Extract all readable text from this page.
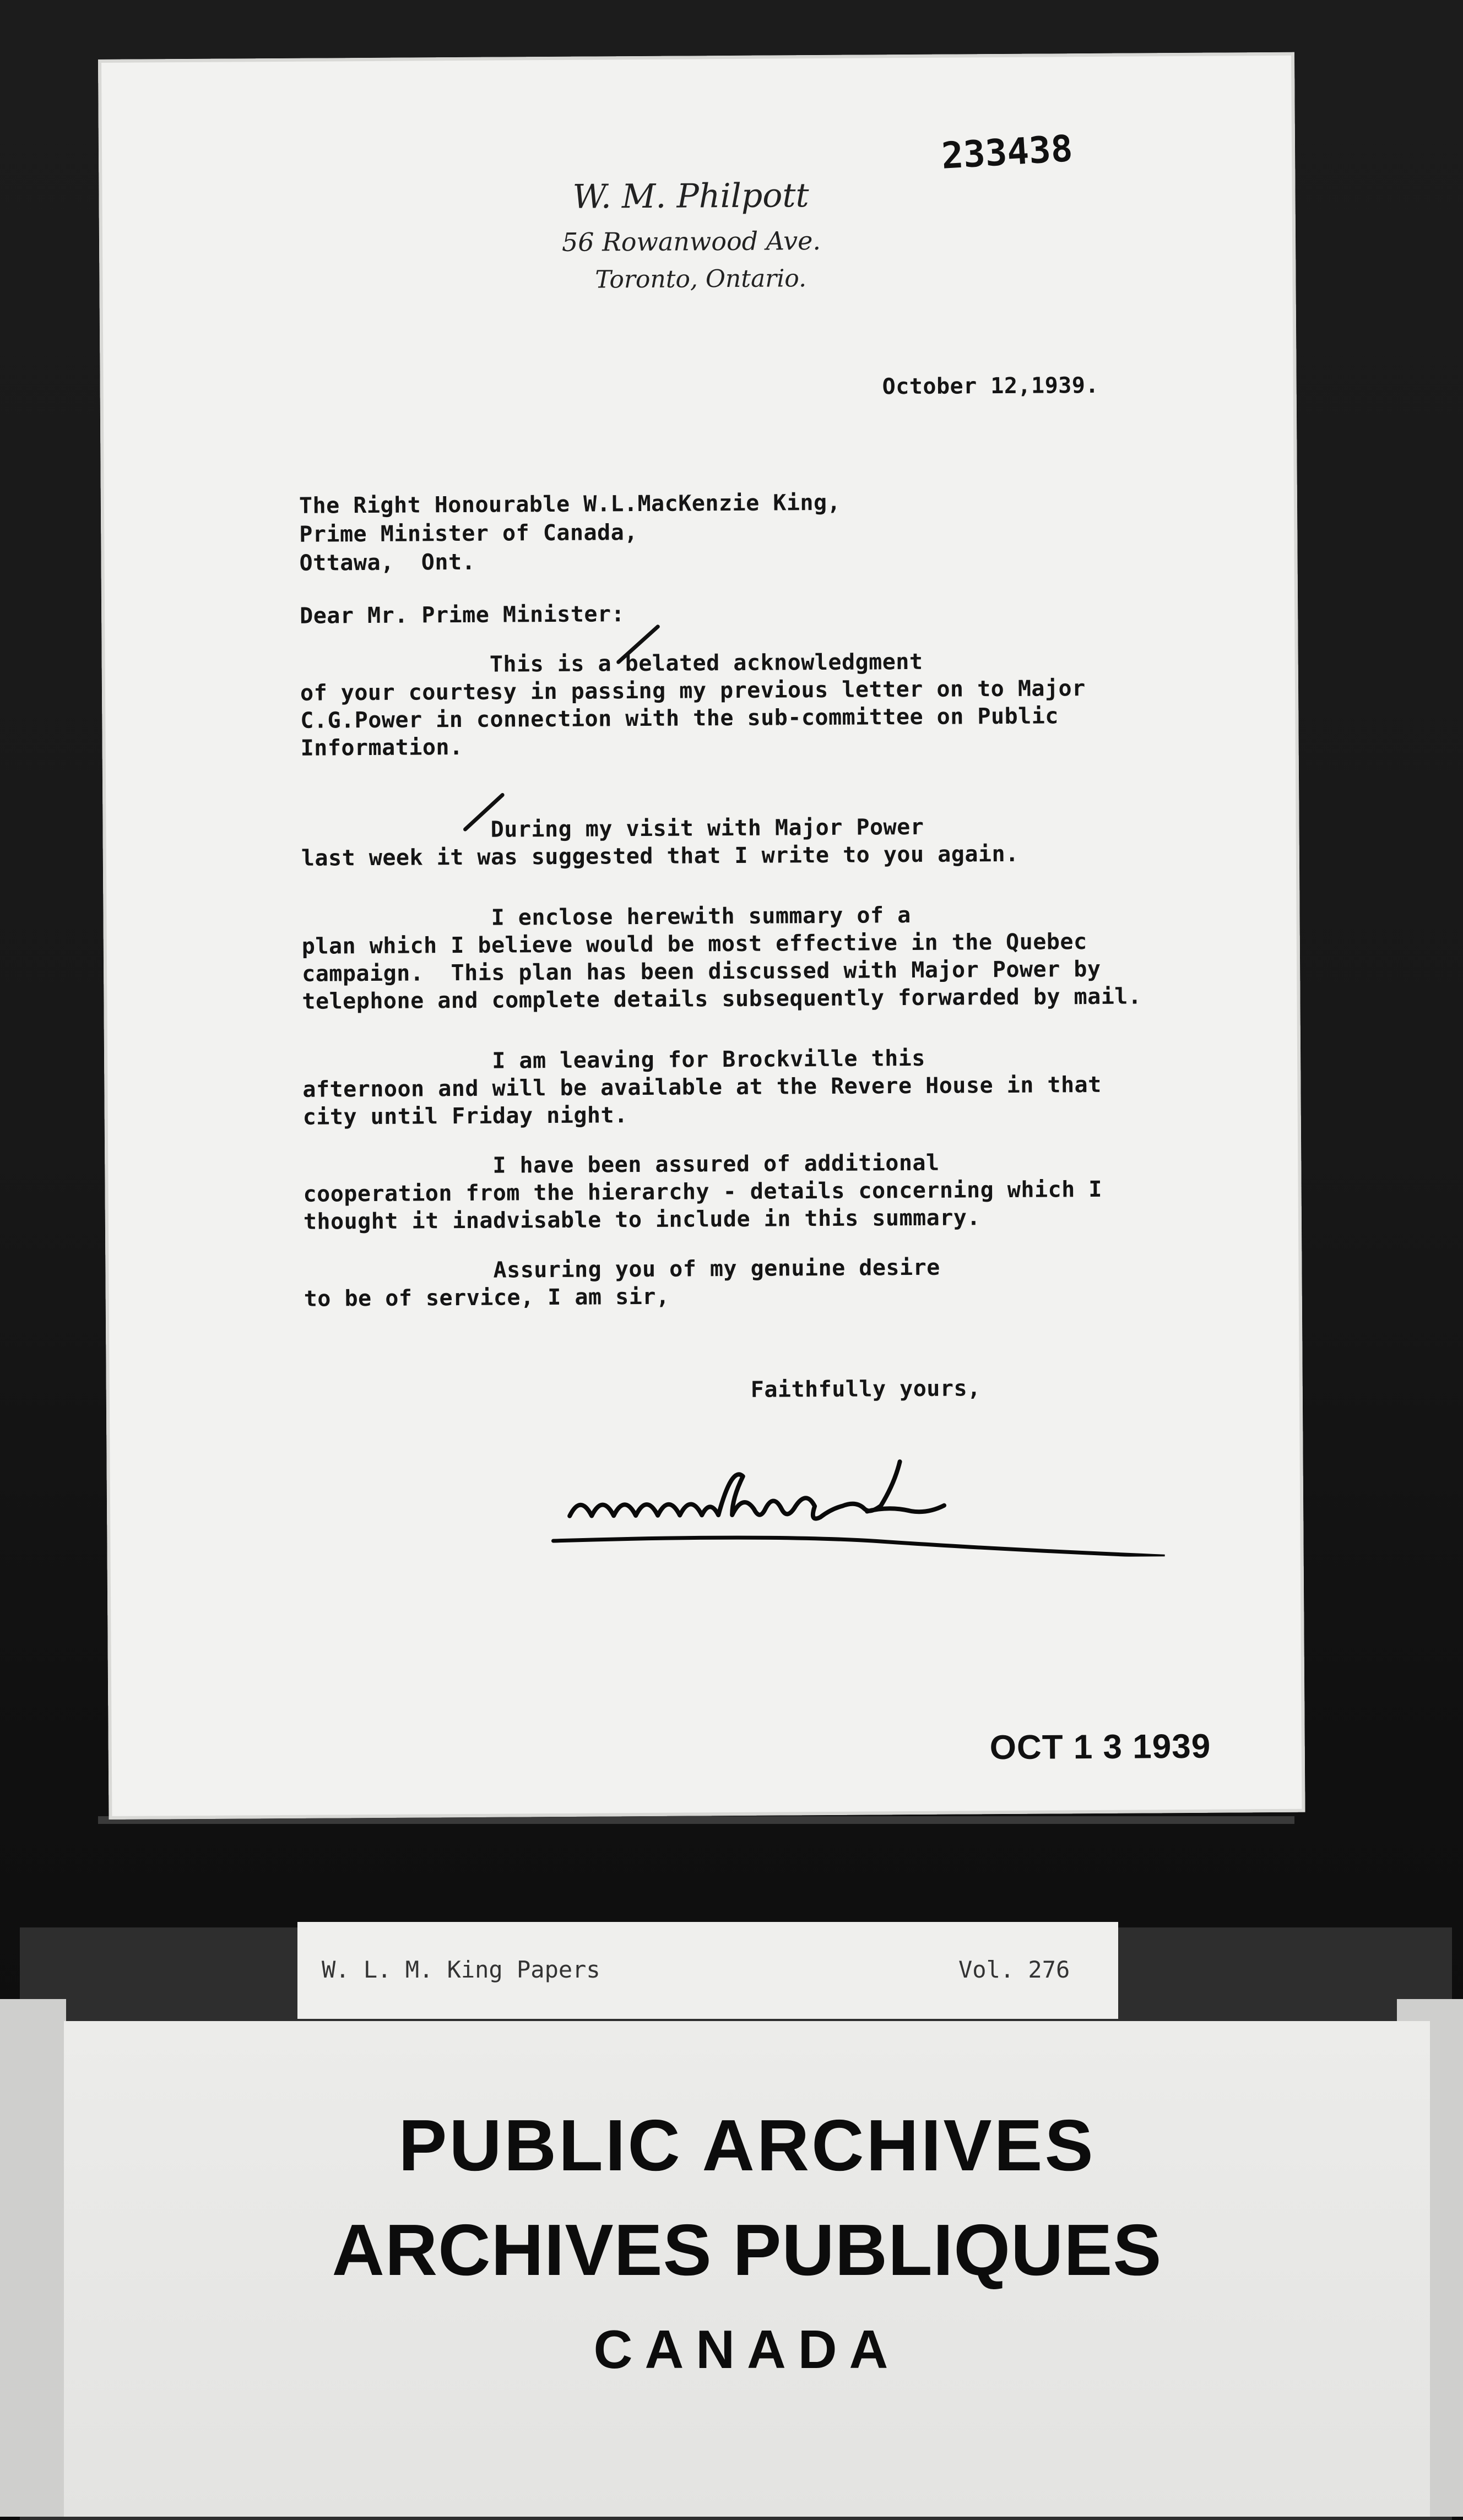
233438
W. M. Philpott
56 Rowanwood Ave.
Toronto, Ontario.
October 12,1939.
The Right Honourable W.L.MacKenzie King,
Prime Minister of Canada,
Ottawa,  Ont.
Dear Mr. Prime Minister:
This is a belated acknowledgment
of your courtesy in passing my previous letter on to Major
C.G.Power in connection with the sub-committee on Public
Information.
During my visit with Major Power
last week it was suggested that I write to you again.
I enclose herewith summary of a
plan which I believe would be most effective in the Quebec
campaign.  This plan has been discussed with Major Power by
telephone and complete details subsequently forwarded by mail.
I am leaving for Brockville this
afternoon and will be available at the Revere House in that
city until Friday night.
I have been assured of additional
cooperation from the hierarchy - details concerning which I
thought it inadvisable to include in this summary.
Assuring you of my genuine desire
to be of service, I am sir,
Faithfully yours,
OCT 1 3 1939
W. L. M. King Papers	Vol. 276
PUBLIC ARCHIVES
ARCHIVES PUBLIQUES
CANADA
